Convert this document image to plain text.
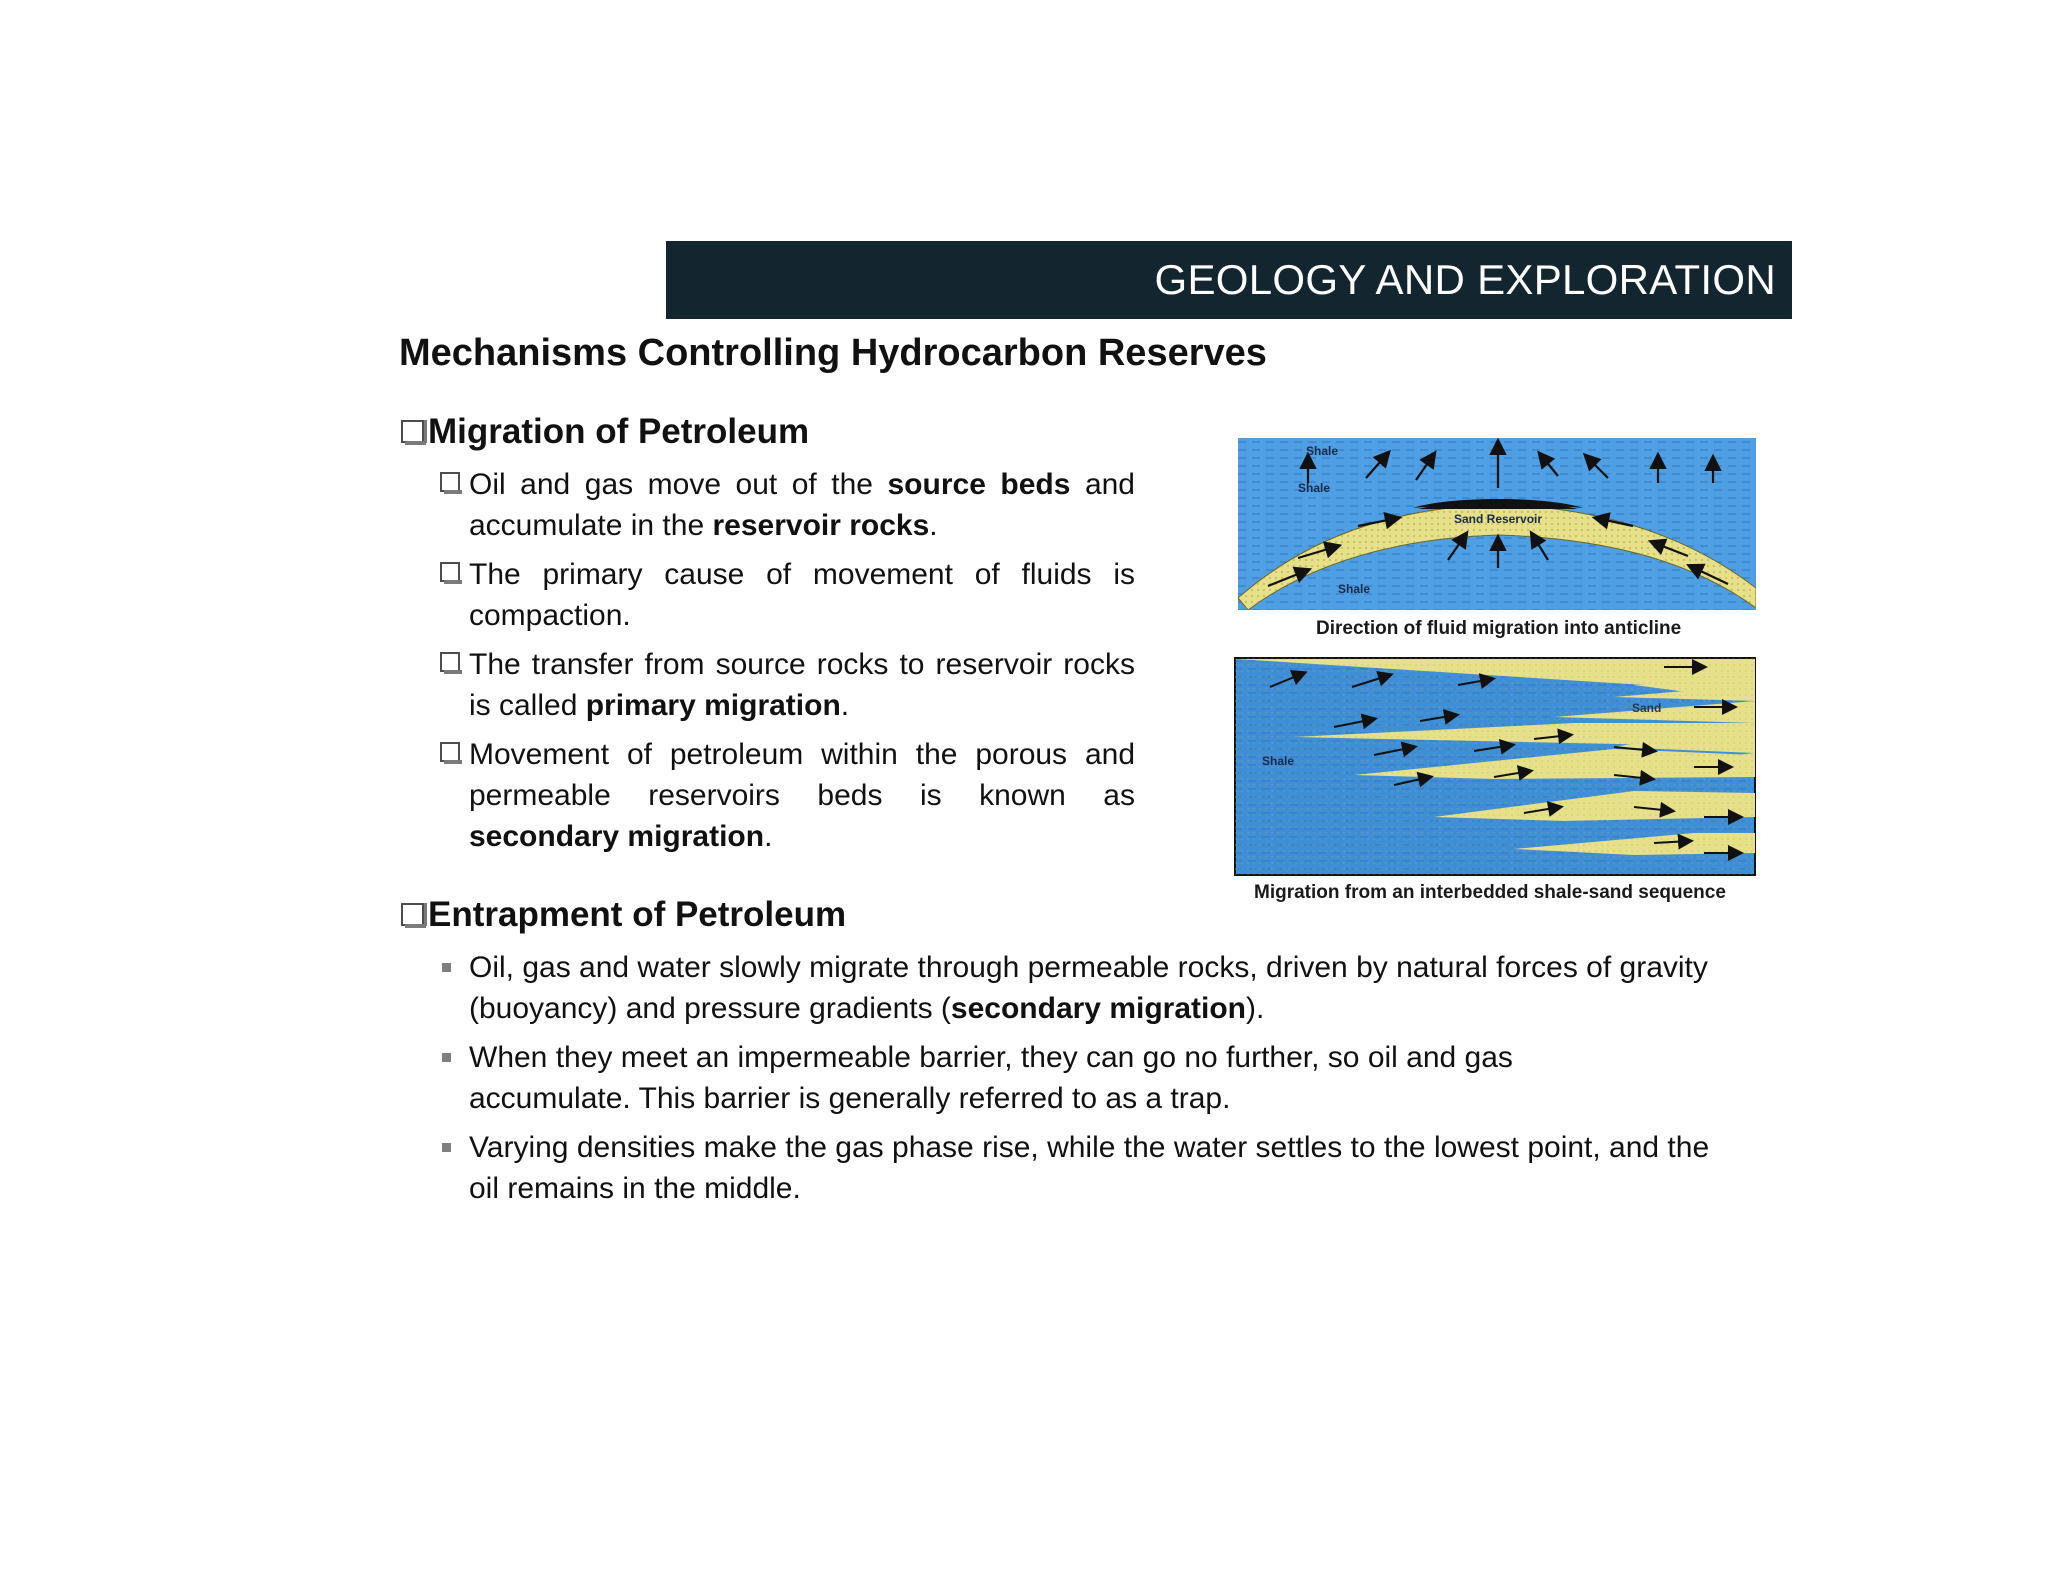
GEOLOGY AND EXPLORATION
Mechanisms Controlling Hydrocarbon Reserves
Migration of Petroleum
Oil and gas move out of the source beds and accumulate in the reservoir rocks.
The primary cause of movement of fluids is compaction.
The transfer from source rocks to reservoir rocks is called primary migration.
Movement of petroleum within the porous and permeable reservoirs beds is known as secondary migration.
Entrapment of Petroleum
Oil, gas and water slowly migrate through permeable rocks, driven by natural forces of gravity (buoyancy) and pressure gradients (secondary migration).
When they meet an impermeable barrier, they can go no further, so oil and gas accumulate. This barrier is generally referred to as a trap.
Varying densities make the gas phase rise, while the water settles to the lowest point, and the oil remains in the middle.
Shale
Shale
Sand Reservoir
Shale
Direction of fluid migration into anticline
Sand
Shale
Migration from an interbedded shale-sand sequence
